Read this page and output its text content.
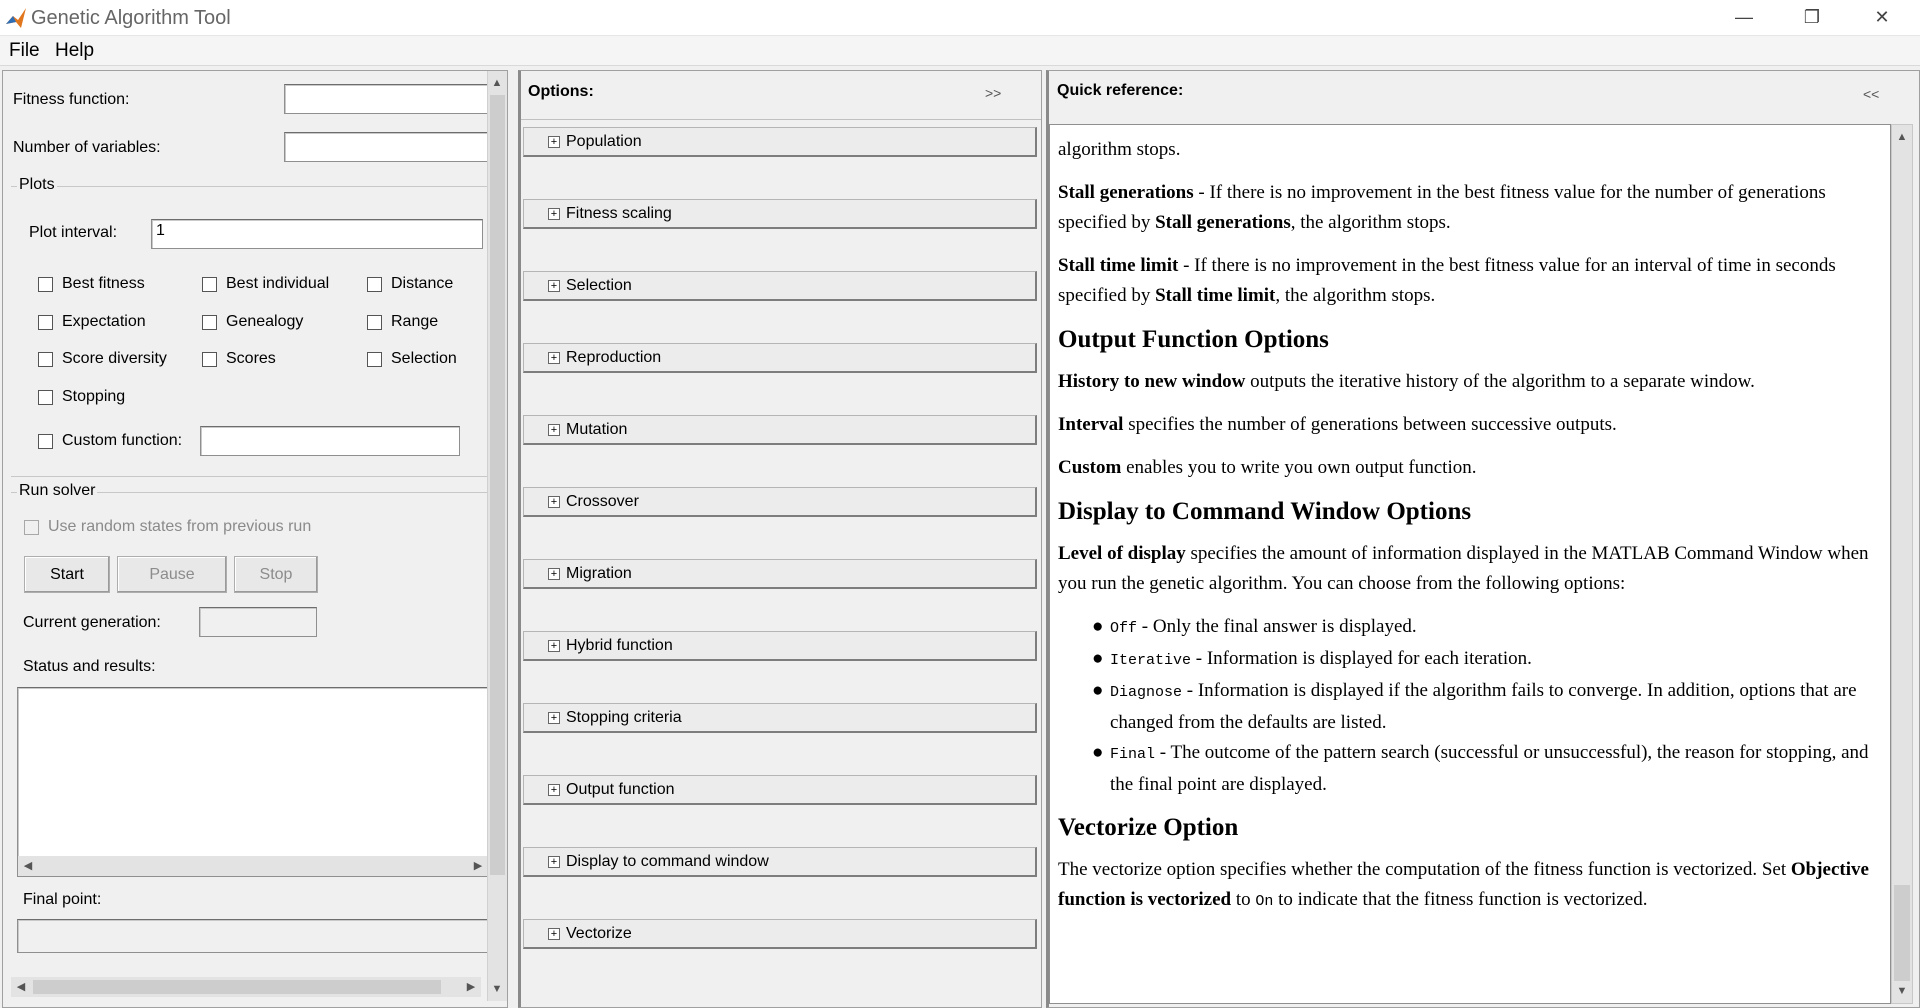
Genetic Algorithm Tool	—	❐	✕
File Help
Fitness function:
Number of variables:
Plots
Plot interval:	1
Best fitness	Best individual	Distance
Expectation	Genealogy	Range
Score diversity	Scores	Selection
Stopping
Custom function:
Run solver
Use random states from previous run
Start	Pause	Stop
Current generation:
Status and results:
◀	▶
Final point:
◀	▶
▲
▼
Options:	>>
+ Population
+ Fitness scaling
+ Selection
+ Reproduction
+ Mutation
+ Crossover
+ Migration
+ Hybrid function
+ Stopping criteria
+ Output function
+ Display to command window
+ Vectorize
Quick reference:	<<

algorithm stops.

Stall generations - If there is no improvement in the best fitness value for the number of generations specified by Stall generations, the algorithm stops.

Stall time limit - If there is no improvement in the best fitness value for an interval of time in seconds specified by Stall time limit, the algorithm stops.

Output Function Options

History to new window outputs the iterative history of the algorithm to a separate window.

Interval specifies the number of generations between successive outputs.

Custom enables you to write you own output function.

Display to Command Window Options

Level of display specifies the amount of information displayed in the MATLAB Command Window when you run the genetic algorithm. You can choose from the following options:

● Off - Only the final answer is displayed.
● Iterative - Information is displayed for each iteration.
● Diagnose - Information is displayed if the algorithm fails to converge. In addition, options that are changed from the defaults are listed.
● Final - The outcome of the pattern search (successful or unsuccessful), the reason for stopping, and the final point are displayed.
Vectorize Option

The vectorize option specifies whether the computation of the fitness function is vectorized. Set Objective function is vectorized to On to indicate that the fitness function is vectorized.

▲
▼
